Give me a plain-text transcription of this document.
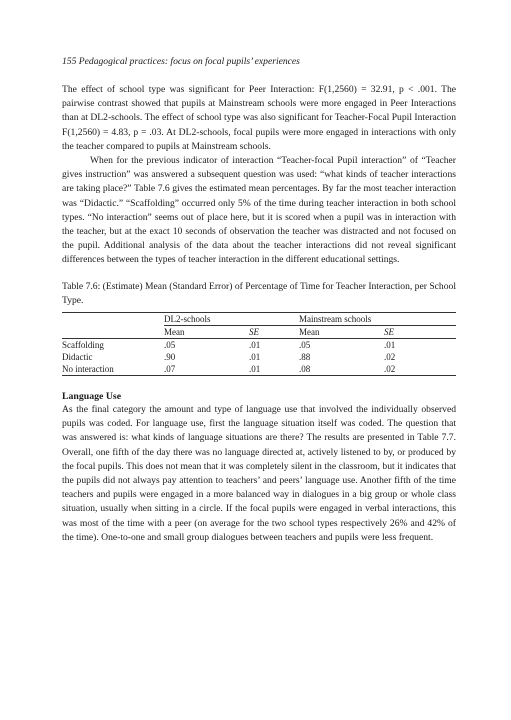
155 Pedagogical practices: focus on focal pupils’ experiences

The effect of school type was significant for Peer Interaction: F(1,2560) = 32.91, p < .001. The pairwise contrast showed that pupils at Mainstream schools were more engaged in Peer Interactions than at DL2-schools. The effect of school type was also significant for Teacher-Focal Pupil Interaction F(1,2560) = 4.83, p = .03. At DL2-schools, focal pupils were more engaged in interactions with only the teacher compared to pupils at Mainstream schools.

When for the previous indicator of interaction “Teacher-focal Pupil interaction” of “Teacher gives instruction” was answered a subsequent question was used: “what kinds of teacher interactions are taking place?” Table 7.6 gives the estimated mean percentages. By far the most teacher interaction was “Didactic.” “Scaffolding” occurred only 5% of the time during teacher interaction in both school types. “No interaction” seems out of place here, but it is scored when a pupil was in interaction with the teacher, but at the exact 10 seconds of observation the teacher was distracted and not focused on the pupil. Additional analysis of the data about the teacher interactions did not reveal significant differences between the types of teacher interaction in the different educational settings.

Table 7.6: (Estimate) Mean (Standard Error) of Percentage of Time for Teacher Interaction, per School Type.

	DL2-schools		Mainstream schools	
	Mean	SE	Mean	SE
Scaffolding	.05	.01	.05	.01
Didactic	.90	.01	.88	.02
No interaction	.07	.01	.08	.02
Language Use

As the final category the amount and type of language use that involved the individually observed pupils was coded. For language use, first the language situation itself was coded. The question that was answered is: what kinds of language situations are there? The results are presented in Table 7.7. Overall, one fifth of the day there was no language directed at, actively listened to by, or produced by the focal pupils. This does not mean that it was completely silent in the classroom, but it indicates that the pupils did not always pay attention to teachers’ and peers’ language use. Another fifth of the time teachers and pupils were engaged in a more balanced way in dialogues in a big group or whole class situation, usually when sitting in a circle. If the focal pupils were engaged in verbal interactions, this was most of the time with a peer (on average for the two school types respectively 26% and 42% of the time). One-to-one and small group dialogues between teachers and pupils were less frequent.
